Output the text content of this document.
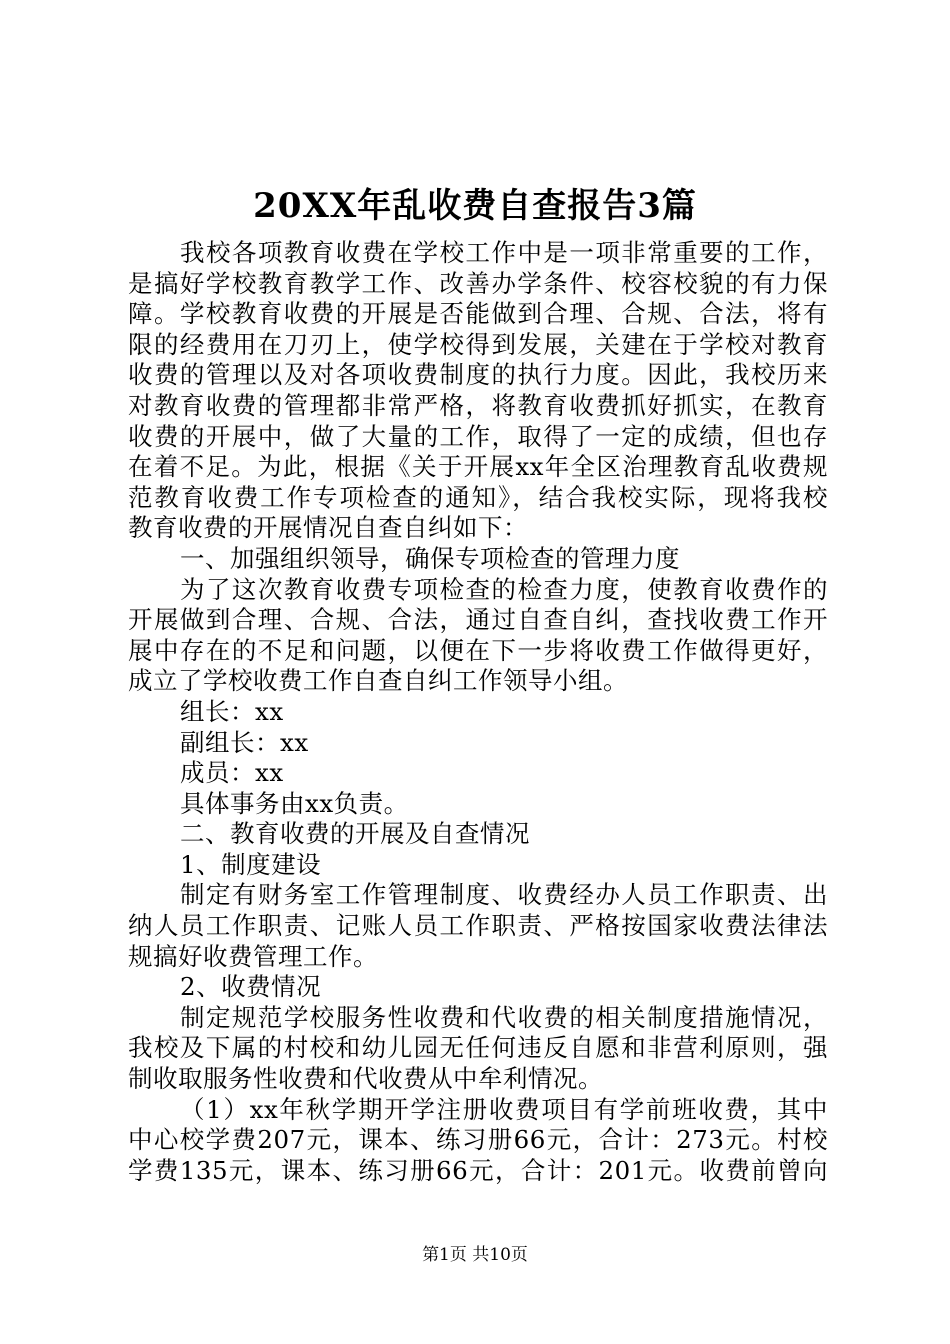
20XX年乱收费自查报告3篇
我校各项教育收费在学校工作中是一项非常重要的工作，
是搞好学校教育教学工作、改善办学条件、校容校貌的有力保
障。学校教育收费的开展是否能做到合理、合规、合法，将有
限的经费用在刀刃上，使学校得到发展，关建在于学校对教育
收费的管理以及对各项收费制度的执行力度。因此，我校历来
对教育收费的管理都非常严格，将教育收费抓好抓实，在教育
收费的开展中，做了大量的工作，取得了一定的成绩，但也存
在着不足。为此，根据《关于开展xx年全区治理教育乱收费规
范教育收费工作专项检查的通知》，结合我校实际，现将我校
教育收费的开展情况自查自纠如下：
一、加强组织领导，确保专项检查的管理力度
为了这次教育收费专项检查的检查力度，使教育收费作的
开展做到合理、合规、合法，通过自查自纠，查找收费工作开
展中存在的不足和问题，以便在下一步将收费工作做得更好，
成立了学校收费工作自查自纠工作领导小组。
组长：xx
副组长：xx
成员：xx
具体事务由xx负责。
二、教育收费的开展及自查情况
1、制度建设
制定有财务室工作管理制度、收费经办人员工作职责、出
纳人员工作职责、记账人员工作职责、严格按国家收费法律法
规搞好收费管理工作。
2、收费情况
制定规范学校服务性收费和代收费的相关制度措施情况，
我校及下属的村校和幼儿园无任何违反自愿和非营利原则，强
制收取服务性收费和代收费从中牟利情况。
（1）xx年秋学期开学注册收费项目有学前班收费，其中
中心校学费207元，课本、练习册66元，合计：273元。村校
学费135元，课本、练习册66元，合计：201元。收费前曾向
第1页 共10页
